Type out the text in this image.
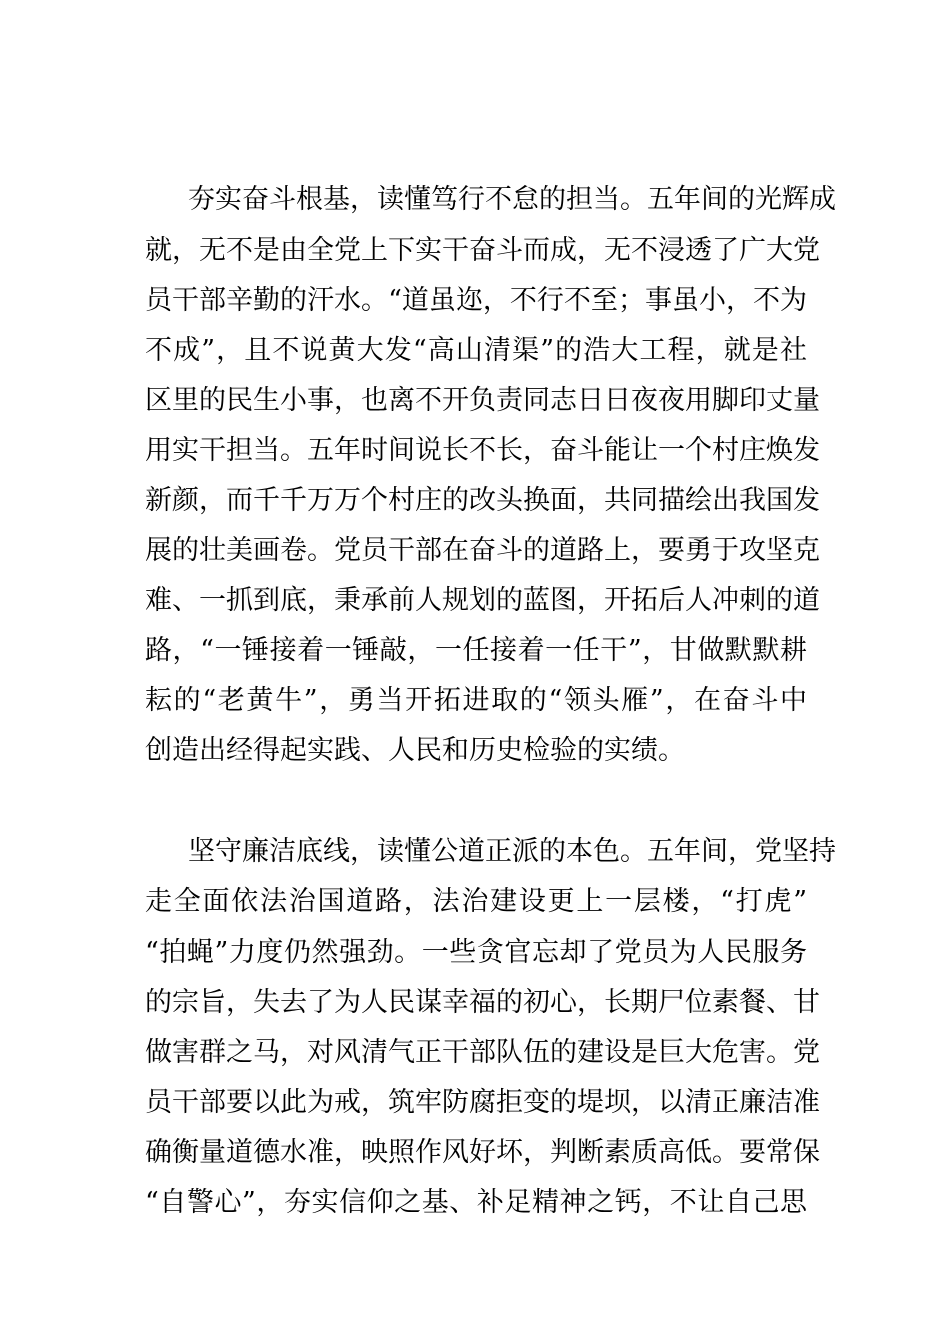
夯实奋斗根基，读懂笃行不怠的担当。五年间的光辉成

就，无不是由全党上下实干奋斗而成，无不浸透了广大党

员干部辛勤的汗水。“道虽迩，不行不至；事虽小，不为

不成”，且不说黄大发“高山清渠”的浩大工程，就是社

区里的民生小事，也离不开负责同志日日夜夜用脚印丈量

用实干担当。五年时间说长不长，奋斗能让一个村庄焕发

新颜，而千千万万个村庄的改头换面，共同描绘出我国发

展的壮美画卷。党员干部在奋斗的道路上，要勇于攻坚克

难、一抓到底，秉承前人规划的蓝图，开拓后人冲刺的道

路，“一锤接着一锤敲，一任接着一任干”，甘做默默耕

耘的“老黄牛”，勇当开拓进取的“领头雁”，在奋斗中

创造出经得起实践、人民和历史检验的实绩。

坚守廉洁底线，读懂公道正派的本色。五年间，党坚持

走全面依法治国道路，法治建设更上一层楼，“打虎”

“拍蝇”力度仍然强劲。一些贪官忘却了党员为人民服务

的宗旨，失去了为人民谋幸福的初心，长期尸位素餐、甘

做害群之马，对风清气正干部队伍的建设是巨大危害。党

员干部要以此为戒，筑牢防腐拒变的堤坝，以清正廉洁准

确衡量道德水准，映照作风好坏，判断素质高低。要常保

“自警心”，夯实信仰之基、补足精神之钙，不让自己思
